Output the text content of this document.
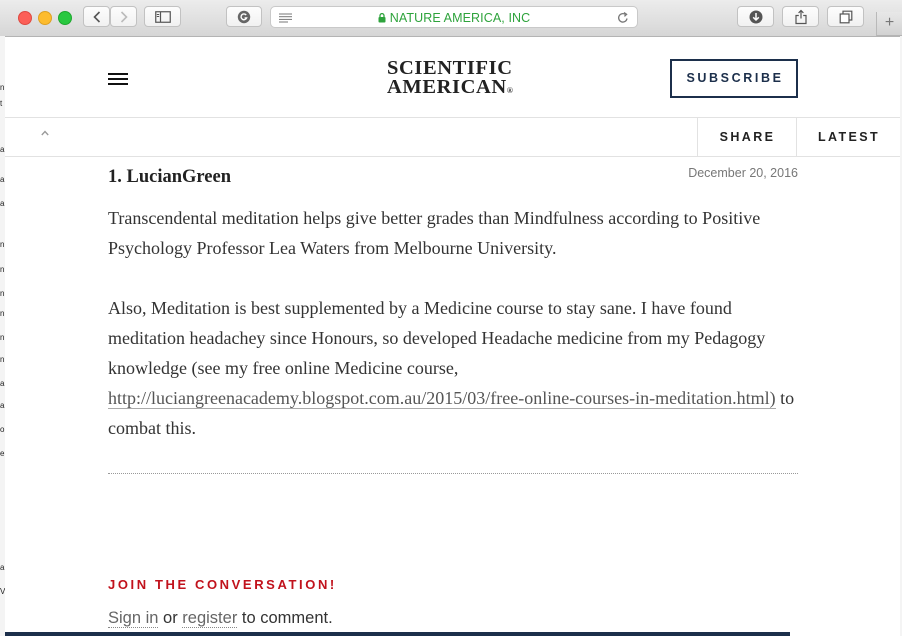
NATURE AMERICA, INC	+
n
t
a
a
a
n
n
n
n
n
n
a
a
o
e
a
V
SCIENTIFIC
AMERICAN®
SUBSCRIBE
SHARE	LATEST
1. LucianGreen	December 20, 2016

Transcendental meditation helps give better grades than Mindfulness according to Positive Psychology Professor Lea Waters from Melbourne University.

Also, Meditation is best supplemented by a Medicine course to stay sane. I have found meditation headachey since Honours, so developed Headache medicine from my Pedagogy knowledge (see my free online Medicine course, http://luciangreenacademy.blogspot.com.au/2015/03/free-online-courses-in-meditation.html) to combat this.

JOIN THE CONVERSATION!
Sign in or register to comment.
